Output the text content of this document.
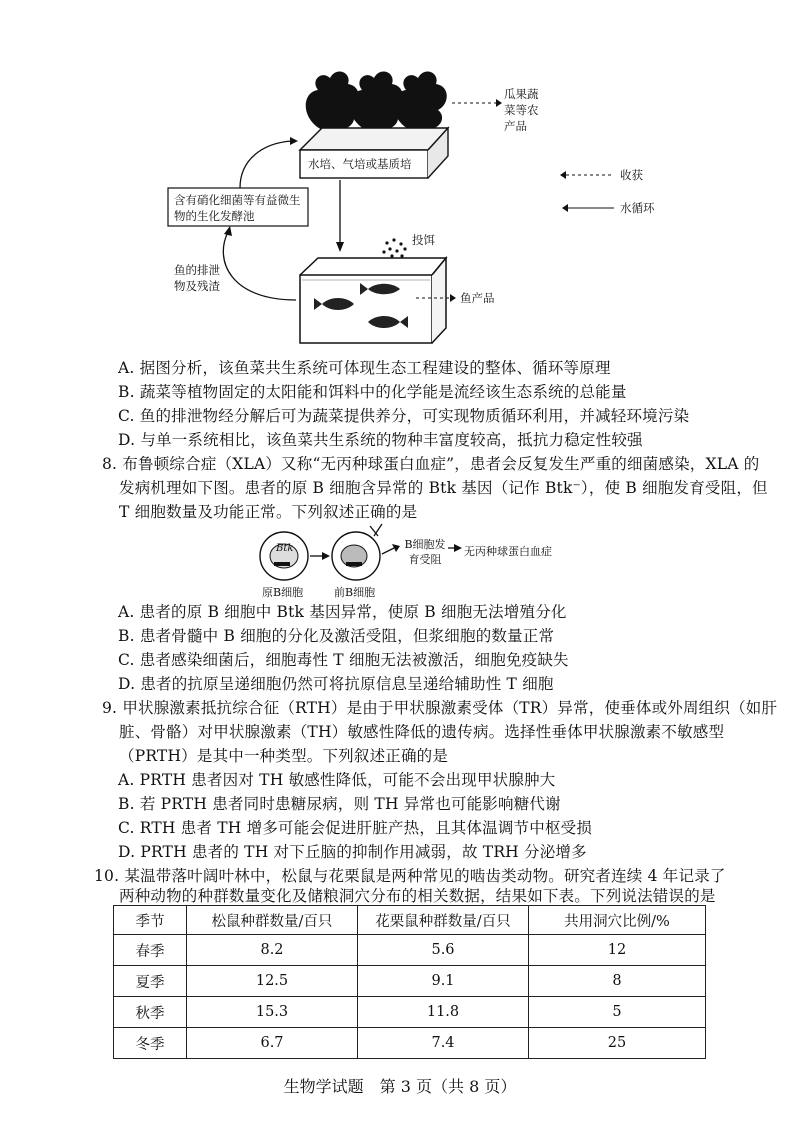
瓜果蔬菜等农产品
水培、气培或基质培
收获
水循环
含有硝化细菌等有益微生物的生化发酵池
投饵
鱼的排泄物及残渣
鱼产品
A. 据图分析，该鱼菜共生系统可体现生态工程建设的整体、循环等原理
B. 蔬菜等植物固定的太阳能和饵料中的化学能是流经该生态系统的总能量
C. 鱼的排泄物经分解后可为蔬菜提供养分，可实现物质循环利用，并减轻环境污染
D. 与单一系统相比，该鱼菜共生系统的物种丰富度较高，抵抗力稳定性较强
8. 布鲁顿综合症（XLA）又称“无丙种球蛋白血症”，患者会反复发生严重的细菌感染，XLA 的
发病机理如下图。患者的原 B 细胞含异常的 Btk 基因（记作 Btk⁻），使 B 细胞发育受阻，但
T 细胞数量及功能正常。下列叙述正确的是
Btk
原B细胞	前B细胞
B细胞发育受阻
无丙种球蛋白血症
A. 患者的原 B 细胞中 Btk 基因异常，使原 B 细胞无法增殖分化
B. 患者骨髓中 B 细胞的分化及激活受阻，但浆细胞的数量正常
C. 患者感染细菌后，细胞毒性 T 细胞无法被激活，细胞免疫缺失
D. 患者的抗原呈递细胞仍然可将抗原信息呈递给辅助性 T 细胞
9. 甲状腺激素抵抗综合征（RTH）是由于甲状腺激素受体（TR）异常，使垂体或外周组织（如肝
脏、骨骼）对甲状腺激素（TH）敏感性降低的遗传病。选择性垂体甲状腺激素不敏感型
（PRTH）是其中一种类型。下列叙述正确的是
A. PRTH 患者因对 TH 敏感性降低，可能不会出现甲状腺肿大
B. 若 PRTH 患者同时患糖尿病，则 TH 异常也可能影响糖代谢
C. RTH 患者 TH 增多可能会促进肝脏产热，且其体温调节中枢受损
D. PRTH 患者的 TH 对下丘脑的抑制作用减弱，故 TRH 分泌增多
10. 某温带落叶阔叶林中，松鼠与花栗鼠是两种常见的啮齿类动物。研究者连续 4 年记录了
两种动物的种群数量变化及储粮洞穴分布的相关数据，结果如下表。下列说法错误的是
季节	松鼠种群数量/百只	花栗鼠种群数量/百只	共用洞穴比例/%
春季	8.2	5.6	12
夏季	12.5	9.1	8
秋季	15.3	11.8	5
冬季	6.7	7.4	25
生物学试题　第 3 页（共 8 页）
